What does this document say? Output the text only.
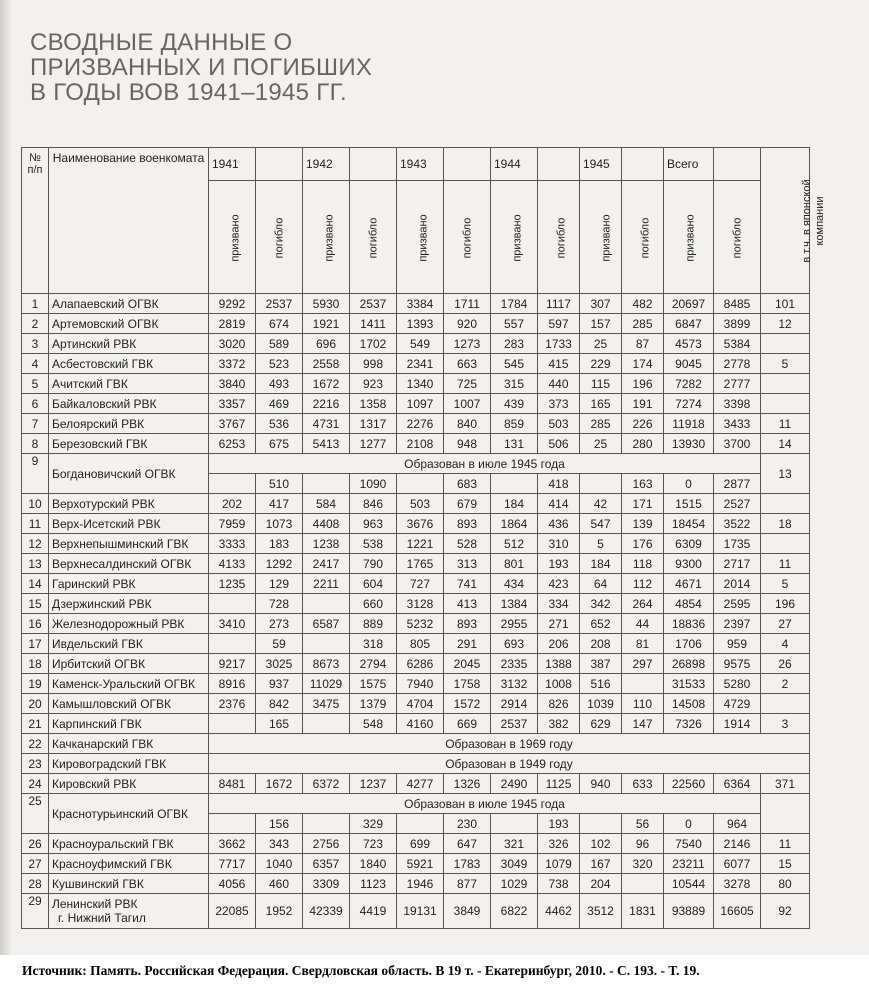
СВОДНЫЕ ДАННЫЕ О
ПРИЗВАННЫХ И ПОГИБШИХ
В ГОДЫ ВОВ 1941–1945 ГГ.
№ п/п	Наименование военкомата	1941		1942		1943		1944		1945		Всего		в т.ч. в японской компании
		призвано	погибло	призвано	погибло	призвано	погибло	призвано	погибло	призвано	погибло	призвано	погибло	
1	Алапаевский ОГВК	9292	2537	5930	2537	3384	1711	1784	1117	307	482	20697	8485	101
2	Артемовский ОГВК	2819	674	1921	1411	1393	920	557	597	157	285	6847	3899	12
3	Артинский РВК	3020	589	696	1702	549	1273	283	1733	25	87	4573	5384	
4	Асбестовский ГВК	3372	523	2558	998	2341	663	545	415	229	174	9045	2778	5
5	Ачитский ГВК	3840	493	1672	923	1340	725	315	440	115	196	7282	2777	
6	Байкаловский РВК	3357	469	2216	1358	1097	1007	439	373	165	191	7274	3398	
7	Белоярский РВК	3767	536	4731	1317	2276	840	859	503	285	226	11918	3433	11
8	Березовский ГВК	6253	675	5413	1277	2108	948	131	506	25	280	13930	3700	14
9	Богдановичский ОГВК	Образован в июле 1945 года												13
			510		1090		683		418		163	0	2877	
10	Верхотурский РВК	202	417	584	846	503	679	184	414	42	171	1515	2527	
11	Верх-Исетский РВК	7959	1073	4408	963	3676	893	1864	436	547	139	18454	3522	18
12	Верхнепышминский ГВК	3333	183	1238	538	1221	528	512	310	5	176	6309	1735	
13	Верхнесалдинский ОГВК	4133	1292	2417	790	1765	313	801	193	184	118	9300	2717	11
14	Гаринский РВК	1235	129	2211	604	727	741	434	423	64	112	4671	2014	5
15	Дзержинский РВК		728		660	3128	413	1384	334	342	264	4854	2595	196
16	Железнодорожный РВК	3410	273	6587	889	5232	893	2955	271	652	44	18836	2397	27
17	Ивдельский ГВК		59		318	805	291	693	206	208	81	1706	959	4
18	Ирбитский ОГВК	9217	3025	8673	2794	6286	2045	2335	1388	387	297	26898	9575	26
19	Каменск-Уральский ОГВК	8916	937	11029	1575	7940	1758	3132	1008	516		31533	5280	2
20	Камышловский ОГВК	2376	842	3475	1379	4704	1572	2914	826	1039	110	14508	4729	
21	Карпинский ГВК		165		548	4160	669	2537	382	629	147	7326	1914	3
22	Качканарский ГВК	Образован в 1969 году												
23	Кировоградский ГВК	Образован в 1949 году												
24	Кировский РВК	8481	1672	6372	1237	4277	1326	2490	1125	940	633	22560	6364	371
25	Краснотурьинский ОГВК	Образован в июле 1945 года												
			156		329		230		193		56	0	964	
26	Красноуральский ГВК	3662	343	2756	723	699	647	321	326	102	96	7540	2146	11
27	Красноуфимский ГВК	7717	1040	6357	1840	5921	1783	3049	1079	167	320	23211	6077	15
28	Кушвинский ГВК	4056	460	3309	1123	1946	877	1029	738	204		10544	3278	80
29	Ленинский РВК
г. Нижний Тагил	22085	1952	42339	4419	19131	3849	6822	4462	3512	1831	93889	16605	92
Источник: Память. Российская Федерация. Свердловская область. В 19 т. - Екатеринбург, 2010. - С. 193. - Т. 19.
